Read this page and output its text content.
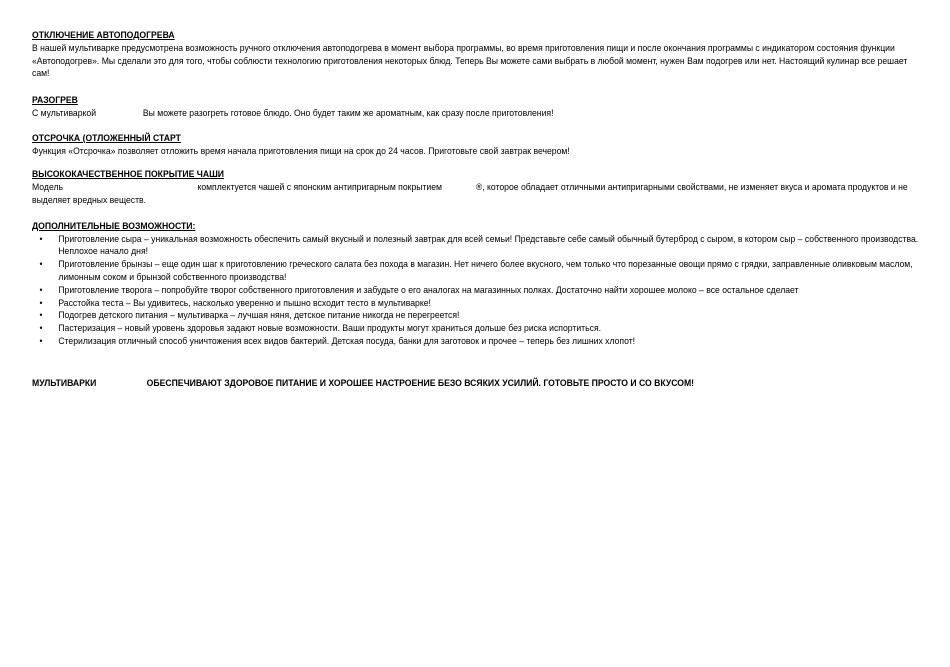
ОТКЛЮЧЕНИЕ АВТОПОДОГРЕВА

В нашей мультиварке предусмотрена возможность ручного отключения автоподогрева в момент выбора программы, во время приготовления пищи и после окончания программы с индикатором состояния функции «Автоподогрев». Мы сделали это для того, чтобы соблюсти технологию приготовления некоторых блюд. Теперь Вы можете сами выбрать в любой момент, нужен Вам подогрев или нет. Настоящий кулинар все решает сам!

РАЗОГРЕВ

С мультиваркой	Вы можете разогреть готовое блюдо. Оно будет таким же ароматным, как сразу после приготовления!

ОТСРОЧКА (ОТЛОЖЕННЫЙ СТАРТ

Функция «Отсрочка» позволяет отложить время начала приготовления пищи на срок до 24 часов. Приготовьте свой завтрак вечером!

ВЫСОКОКАЧЕСТВЕННОЕ ПОКРЫТИЕ ЧАШИ

Модель	комплектуется чашей с японским антипригарным покрытием	®, которое обладает отличными антипригарными свойствами, не изменяет вкуса и аромата продуктов и не выделяет вредных веществ.

ДОПОЛНИТЕЛЬНЫЕ ВОЗМОЖНОСТИ:

• Приготовление сыра – уникальная возможность обеспечить самый вкусный и полезный завтрак для всей семьи! Представьте себе самый обычный бутерброд с сыром, в котором сыр – собственного производства. Неплохое начало дня!
• Приготовление брынзы – еще один шаг к приготовлению греческого салата без похода в магазин. Нет ничего более вкусного, чем только что порезанные овощи прямо с грядки, заправленные оливковым маслом, лимонным соком и брынзой собственного производства!
• Приготовление творога – попробуйте творог собственного приготовления и забудьте о его аналогах на магазинных полках. Достаточно найти хорошее молоко – все остальное сделает
• Расстойка теста – Вы удивитесь, насколько уверенно и пышно всходит тесто в мультиварке!
• Подогрев детского питания – мультиварка – лучшая няня, детское питание никогда не перегреется!
• Пастеризация – новый уровень здоровья задают новые возможности. Ваши продукты могут храниться дольше без риска испортиться.
• Стерилизация отличный способ уничтожения всех видов бактерий. Детская посуда, банки для заготовок и прочее – теперь без лишних хлопот!
МУЛЬТИВАРКИ	ОБЕСПЕЧИВАЮТ ЗДОРОВОЕ ПИТАНИЕ И ХОРОШЕЕ НАСТРОЕНИЕ БЕЗО ВСЯКИХ УСИЛИЙ. ГОТОВЬТЕ ПРОСТО И СО ВКУСОМ!
